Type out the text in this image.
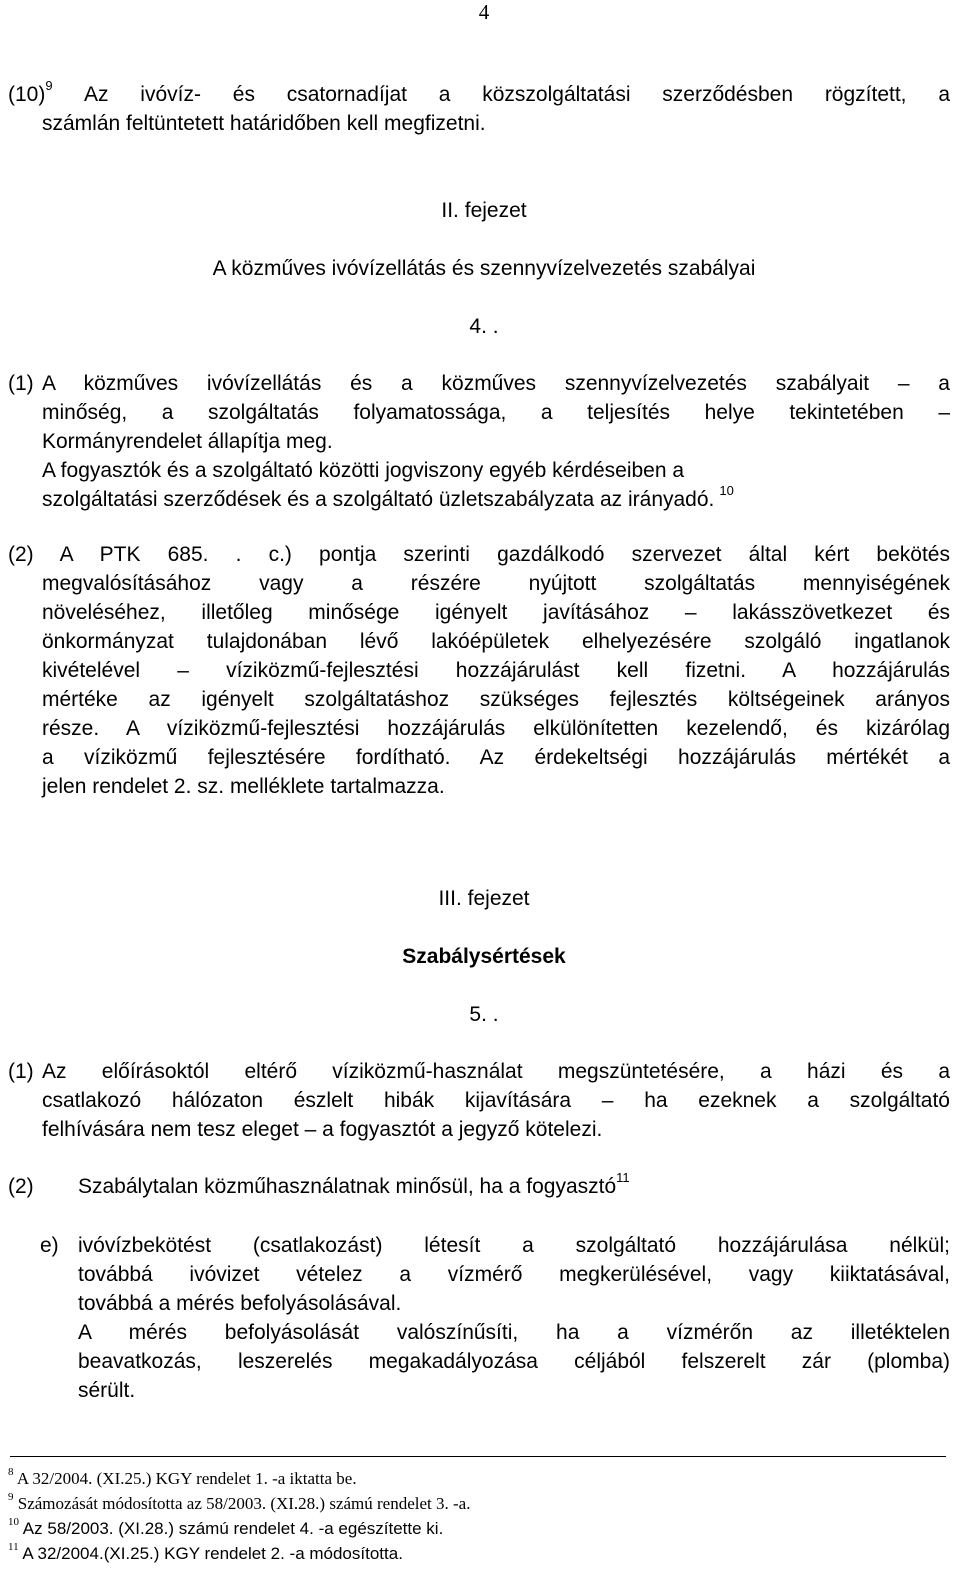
4
$(10)^9$ Az ivóvíz- és csatornadíjat a közszolgáltatási szerződésben rögzített, a
számlán feltüntetett határidőben kell megfizetni.
II. fejezet
A közműves ivóvízellátás és szennyvízelvezetés szabályai
4. .
(1) A közműves ivóvízellátás és a közműves szennyvízelvezetés szabályait – a
minőség, a szolgáltatás folyamatossága, a teljesítés helye tekintetében –
Kormányrendelet állapítja meg.
A fogyasztók és a szolgáltató közötti jogviszony egyéb kérdéseiben a
szolgáltatási szerződések és a szolgáltató üzletszabályzata az irányadó. $^{10}$
(2) A PTK 685. . c.) pontja szerinti gazdálkodó szervezet által kért bekötés
megvalósításához vagy a részére nyújtott szolgáltatás mennyiségének
növeléséhez, illetőleg minősége igényelt javításához – lakásszövetkezet és
önkormányzat tulajdonában lévő lakóépületek elhelyezésére szolgáló ingatlanok
kivételével – víziközmű-fejlesztési hozzájárulást kell fizetni. A hozzájárulás
mértéke az igényelt szolgáltatáshoz szükséges fejlesztés költségeinek arányos
része. A víziközmű-fejlesztési hozzájárulás elkülönítetten kezelendő, és kizárólag
a víziközmű fejlesztésére fordítható. Az érdekeltségi hozzájárulás mértékét a
jelen rendelet 2. sz. melléklete tartalmazza.
III. fejezet
Szabálysértések
5. .
(1) Az előírásoktól eltérő víziközmű-használat megszüntetésére, a házi és a
csatlakozó hálózaton észlelt hibák kijavítására – ha ezeknek a szolgáltató
felhívására nem tesz eleget – a fogyasztót a jegyző kötelezi.
(2) Szabálytalan közműhasználatnak minősül, ha a fogyasztó$^{11}$
e) ivóvízbekötést (csatlakozást) létesít a szolgáltató hozzájárulása nélkül;
továbbá ivóvizet vételez a vízmérő megkerülésével, vagy kiiktatásával,
továbbá a mérés befolyásolásával.
A mérés befolyásolását valószínűsíti, ha a vízmérőn az illetéktelen
beavatkozás, leszerelés megakadályozása céljából felszerelt zár (plomba)
sérült.
$^8$ A 32/2004. (XI.25.) KGY rendelet 1. -a iktatta be.
$^9$ Számozását módosította az 58/2003. (XI.28.) számú rendelet 3. -a.
$^{10}$ Az 58/2003. (XI.28.) számú rendelet 4. -a egészítette ki.
$^{11}$ A 32/2004.(XI.25.) KGY rendelet 2. -a módosította.
